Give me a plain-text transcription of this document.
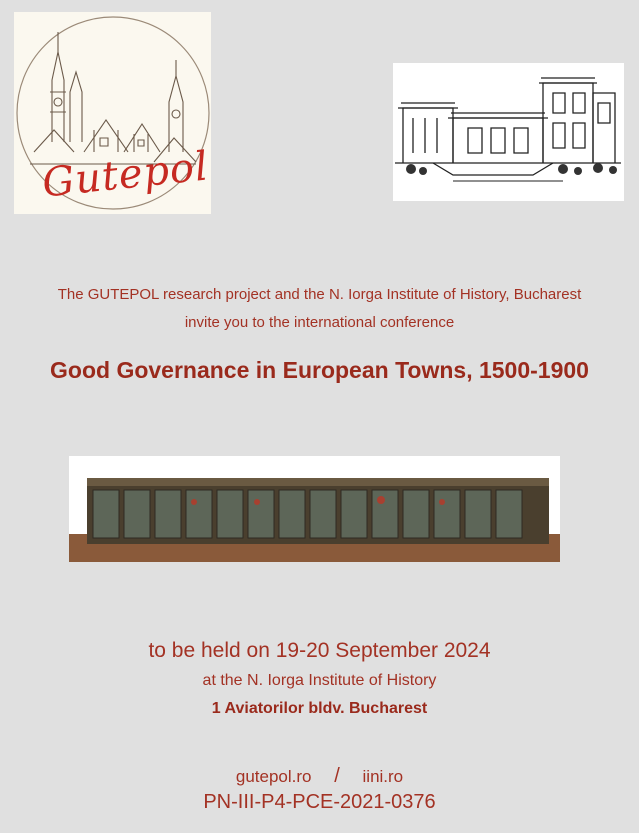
Gutepol
The GUTEPOL research project and the N. Iorga Institute of History, Bucharest
invite you to the international conference
Good Governance in European Towns, 1500-1900
to be held on 19-20 September 2024
at the N. Iorga Institute of History
1 Aviatorilor bldv. Bucharest
gutepol.ro / iini.ro
PN-III-P4-PCE-2021-0376
